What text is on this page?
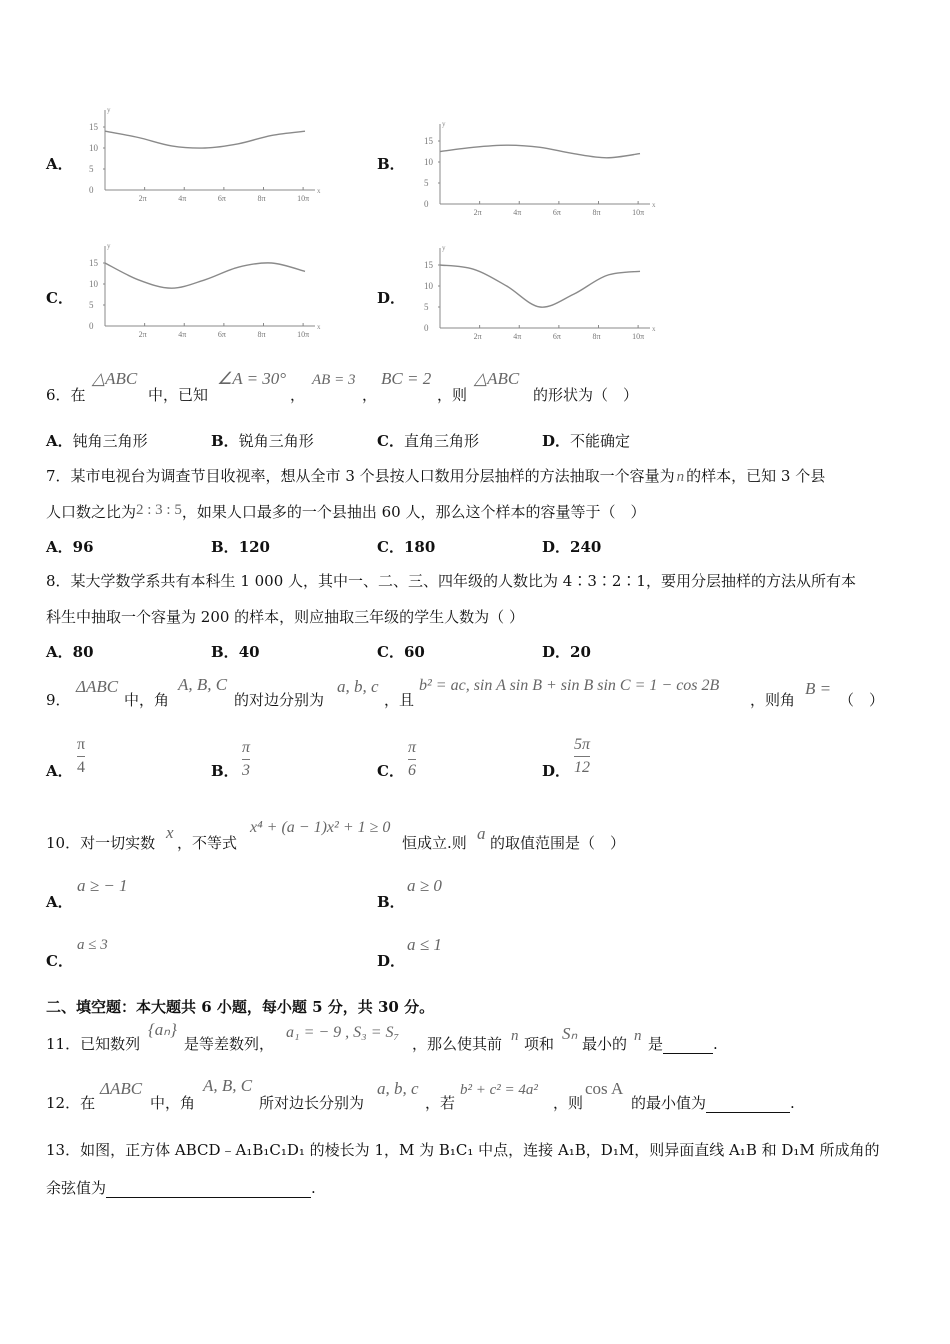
A．	B．
C．	D．
y
x
15
10
5
0
2π	4π	6π	8π	10π
y
x
15
10
5
0
2π	4π	6π	8π	10π
y
x
15
10
5
0
2π	4π	6π	8π	10π
y
x
15
10
5
0
2π	4π	6π	8π	10π
6．在
△ABC
中，已知
∠A = 30°
，
AB = 3
，
BC = 2
，则
△ABC
的形状为（　）
A．钝角三角形	B．锐角三角形	C．直角三角形	D．不能确定
7．某市电视台为调查节目收视率，想从全市 3 个县按人口数用分层抽样的方法抽取一个容量为 n 的样本，已知 3 个县
人口数之比为2 : 3 : 5，如果人口最多的一个县抽出 60 人，那么这个样本的容量等于（　）
A．96	B．120	C．180	D．240
8．某大学数学系共有本科生 1 000 人，其中一、二、三、四年级的人数比为 4∶3∶2∶1，要用分层抽样的方法从所有本
科生中抽取一个容量为 200 的样本，则应抽取三年级的学生人数为（ ）
A．80	B．40	C．60	D．20
9．
ΔABC
中，角
A, B, C
的对边分别为
a, b, c
，且
b² = ac, sin A sin B + sin B sin C = 1 − cos 2B
，则角
B =
（　）
A．
π
4	B．
π
3	C．
π
6	D．
5π
12
10．对一切实数
x
，不等式
x⁴ + (a − 1)x² + 1 ≥ 0
恒成立.则 a 的取值范围是（　）
A．
a ≥ − 1
B．
a ≥ 0
C．
a ≤ 3
D．
a ≤ 1
二、填空题：本大题共 6 小题，每小题 5 分，共 30 分。
11．已知数列
{aₙ}
是等差数列，
a₁ = − 9 , S₃ = S₇
，那么使其前 n 项和
Sₙ
最小的 n 是	.
12．在
ΔABC
中，角
A, B, C
所对边长分别为
a, b, c
，若
b² + c² = 4a²
，则
cos A
的最小值为	.
13．如图，正方体 ABCD﹣A₁B₁C₁D₁ 的棱长为 1，M 为 B₁C₁ 中点，连接 A₁B，D₁M，则异面直线 A₁B 和 D₁M 所成角的
余弦值为	.
